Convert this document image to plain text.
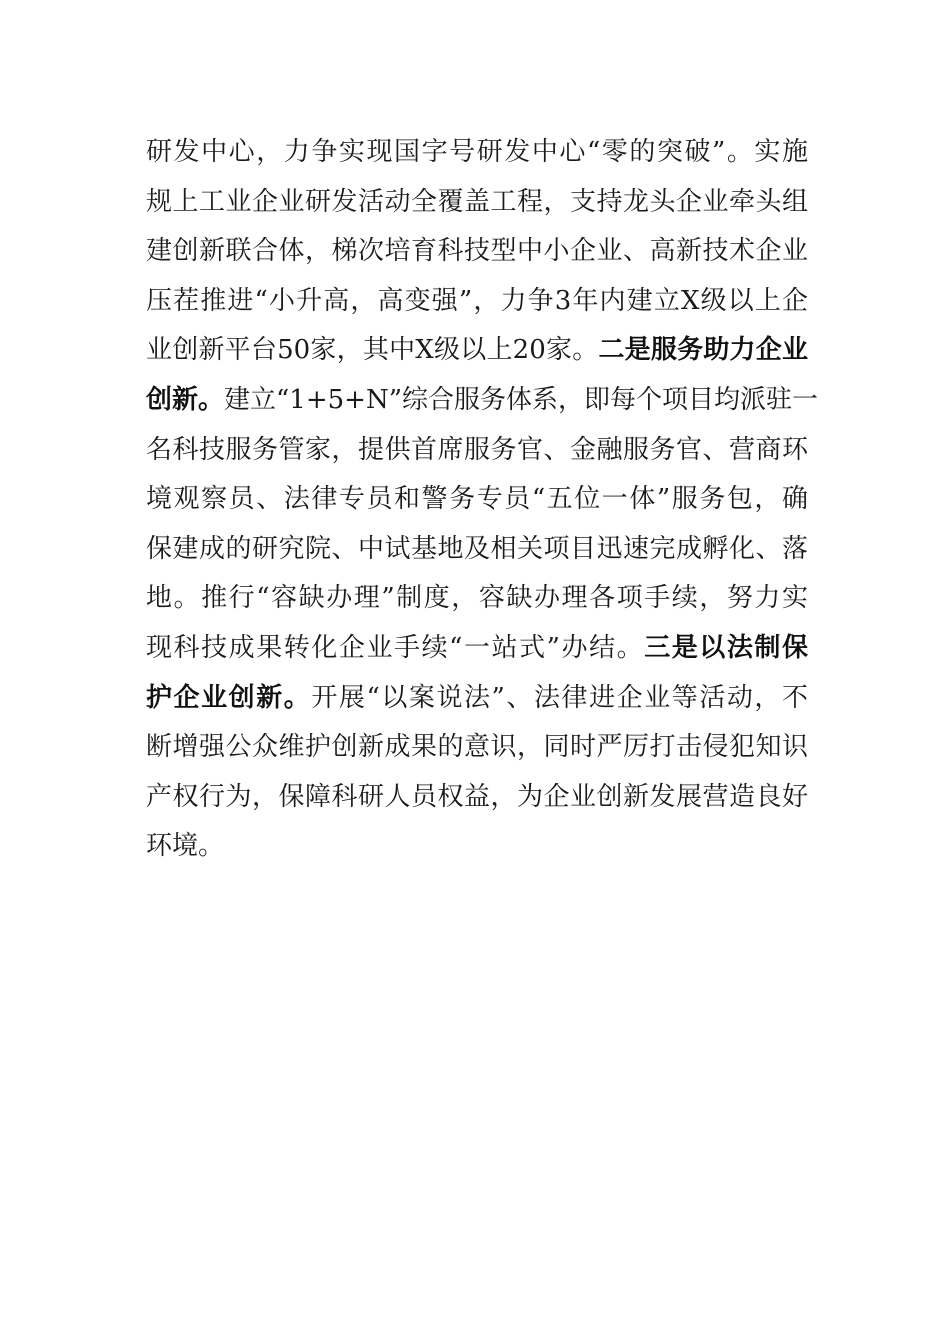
研发中心，力争实现国字号研发中心“零的突破”。实施
规上工业企业研发活动全覆盖工程，支持龙头企业牵头组
建创新联合体，梯次培育科技型中小企业、高新技术企业
压茬推进“小升高，高变强”，力争3年内建立X级以上企
业创新平台50家，其中X级以上20家。二是服务助力企业
创新。建立“1+5+N”综合服务体系，即每个项目均派驻一
名科技服务管家，提供首席服务官、金融服务官、营商环
境观察员、法律专员和警务专员“五位一体”服务包，确
保建成的研究院、中试基地及相关项目迅速完成孵化、落
地。推行“容缺办理”制度，容缺办理各项手续，努力实
现科技成果转化企业手续“一站式”办结。三是以法制保
护企业创新。开展“以案说法”、法律进企业等活动，不
断增强公众维护创新成果的意识，同时严厉打击侵犯知识
产权行为，保障科研人员权益，为企业创新发展营造良好
环境。
